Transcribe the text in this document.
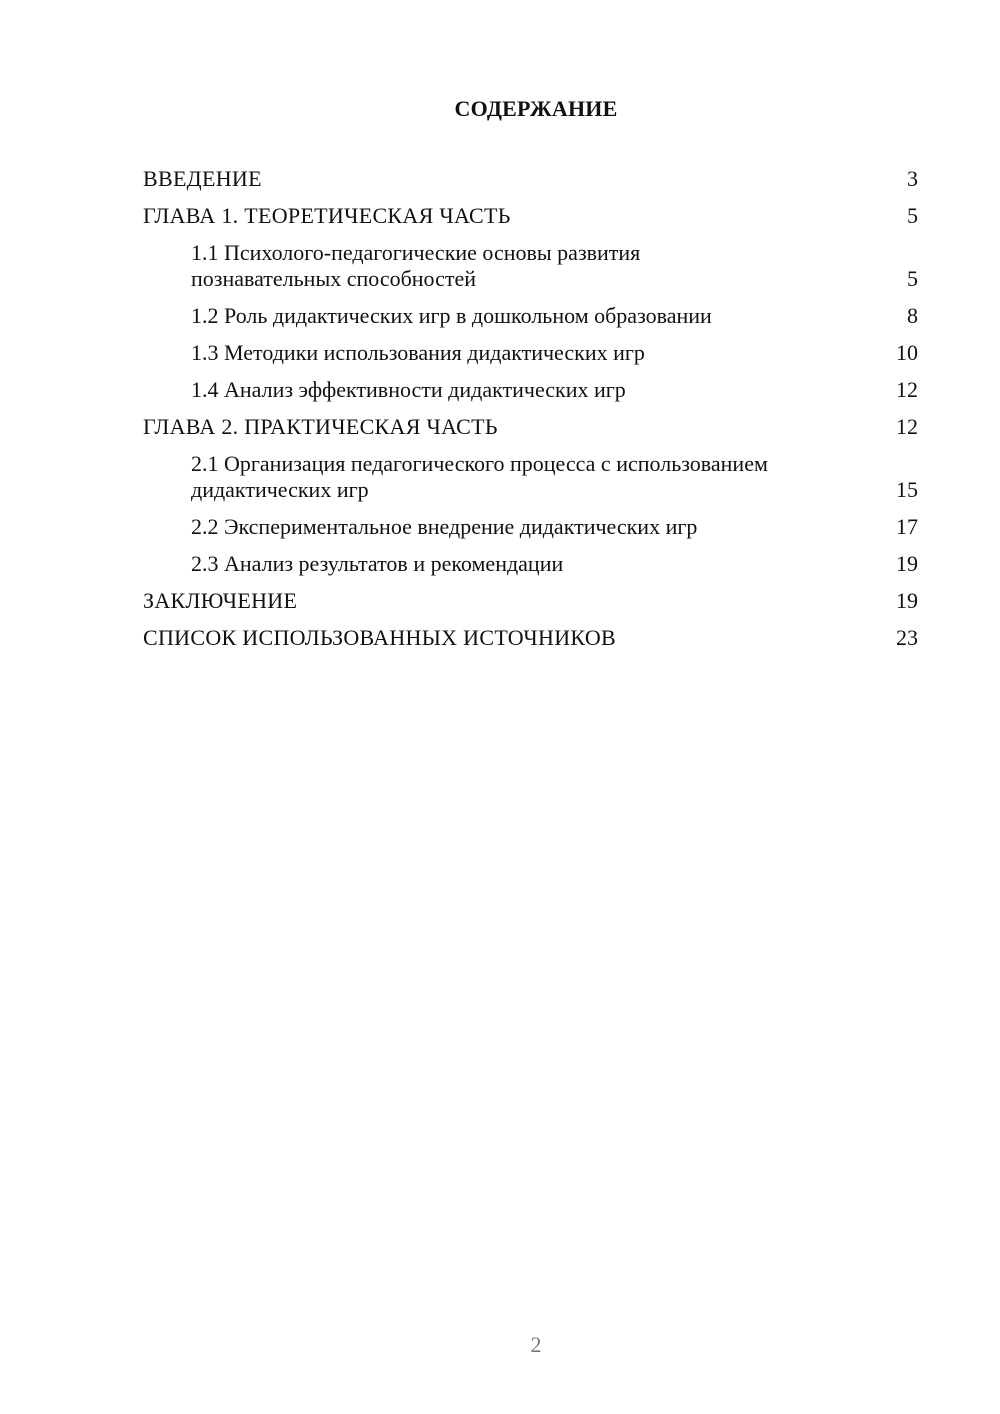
СОДЕРЖАНИЕ
ВВЕДЕНИЕ	3
ГЛАВА 1. ТЕОРЕТИЧЕСКАЯ ЧАСТЬ	5
1.1 Психолого-педагогические основы развития познавательных способностей	5
1.2 Роль дидактических игр в дошкольном образовании	8
1.3 Методики использования дидактических игр	10
1.4 Анализ эффективности дидактических игр	12
ГЛАВА 2. ПРАКТИЧЕСКАЯ ЧАСТЬ	12
2.1 Организация педагогического процесса с использованием дидактических игр	15
2.2 Экспериментальное внедрение дидактических игр	17
2.3 Анализ результатов и рекомендации	19
ЗАКЛЮЧЕНИЕ	19
СПИСОК ИСПОЛЬЗОВАННЫХ ИСТОЧНИКОВ	23
2
